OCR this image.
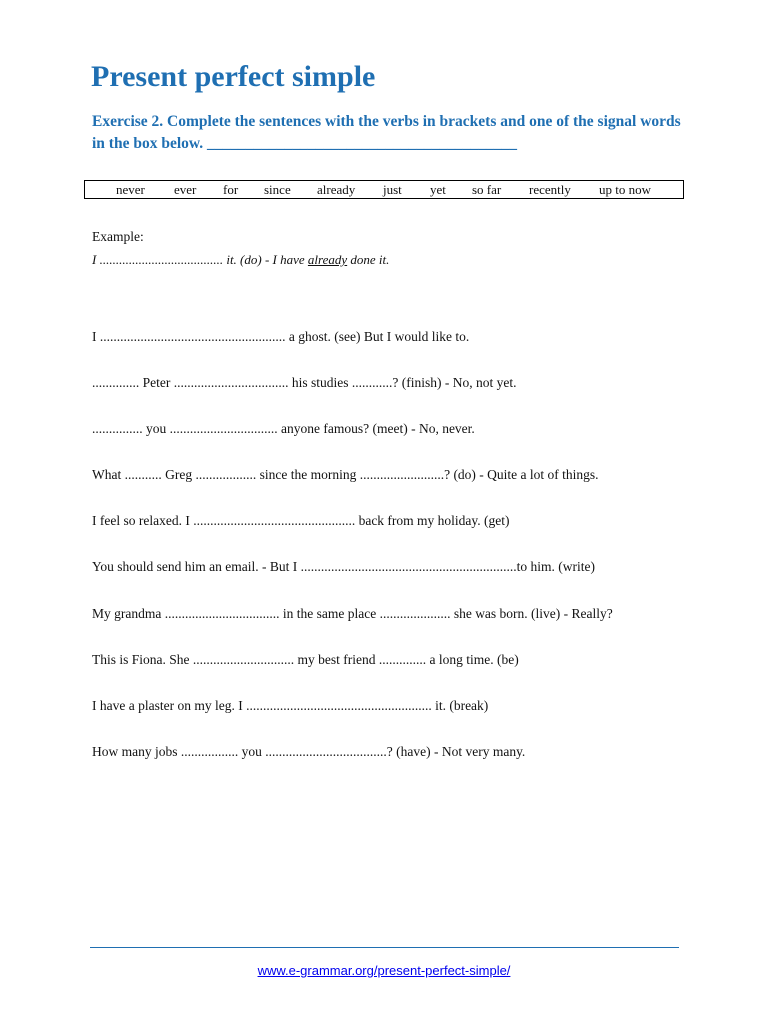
Present perfect simple

Exercise 2. Complete the sentences with the verbs in brackets and one of the signal words in the box below. ________________________________________

never ever for since already just yet so far recently up to now
Example:
I ...................................... it. (do) - I have already done it.
I ....................................................... a ghost. (see) But I would like to.
.............. Peter .................................. his studies ............? (finish) - No, not yet.
............... you ................................ anyone famous? (meet) - No, never.
What ........... Greg .................. since the morning .........................? (do) - Quite a lot of things.
I feel so relaxed. I ................................................ back from my holiday. (get)
You should send him an email. - But I ................................................................to him. (write)
My grandma .................................. in the same place ..................... she was born. (live) - Really?
This is Fiona. She .............................. my best friend .............. a long time. (be)
I have a plaster on my leg. I ....................................................... it. (break)
How many jobs ................. you ....................................? (have) - Not very many.
www.e-grammar.org/present-perfect-simple/
